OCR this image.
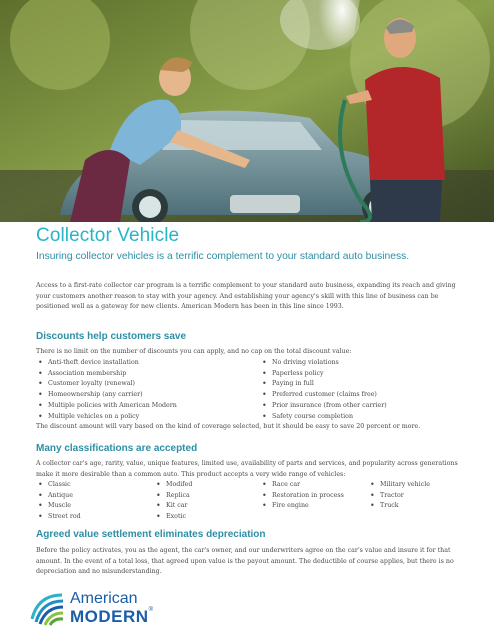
Collector Vehicle
Insuring collector vehicles is a terrific complement to your standard auto business.

Access to a first-rate collector car program is a terrific complement to your standard auto business, expanding its reach and giving your customers another reason to stay with your agency. And establishing your agency's skill with this line of business can be positioned well as a gateway for new clients. American Modern has been in this line since 1993.

Discounts help customers save

There is no limit on the number of discounts you can apply, and no cap on the total discount value:

• Anti-theft device installation
• Association membership
• Customer loyalty (renewal)
• Homeownership (any carrier)
• Multiple policies with American Modern
• Multiple vehicles on a policy
• No driving violations
• Paperless policy
• Paying in full
• Preferred customer (claims free)
• Prior insurance (from other carrier)
• Safety course completion

The discount amount will vary based on the kind of coverage selected, but it should be easy to save 20 percent or more.

Many classifications are accepted

A collector car's age, rarity, value, unique features, limited use, availability of parts and services, and popularity across generations make it more desirable than a common auto. This product accepts a very wide range of vehicles:

• Classic
• Antique
• Muscle
• Street rod
• Modifed
• Replica
• Kit car
• Exotic
• Race car
• Restoration in process
• Fire engine
• Military vehicle
• Tractor
• Truck
Agreed value settlement eliminates depreciation

Before the policy activates, you as the agent, the car's owner, and our underwriters agree on the car's value and insure it for that amount. In the event of a total loss, that agreed upon value is the payout amount. The deductible of course applies, but there is no depreciation and no misunderstanding.

American
MODERN®
